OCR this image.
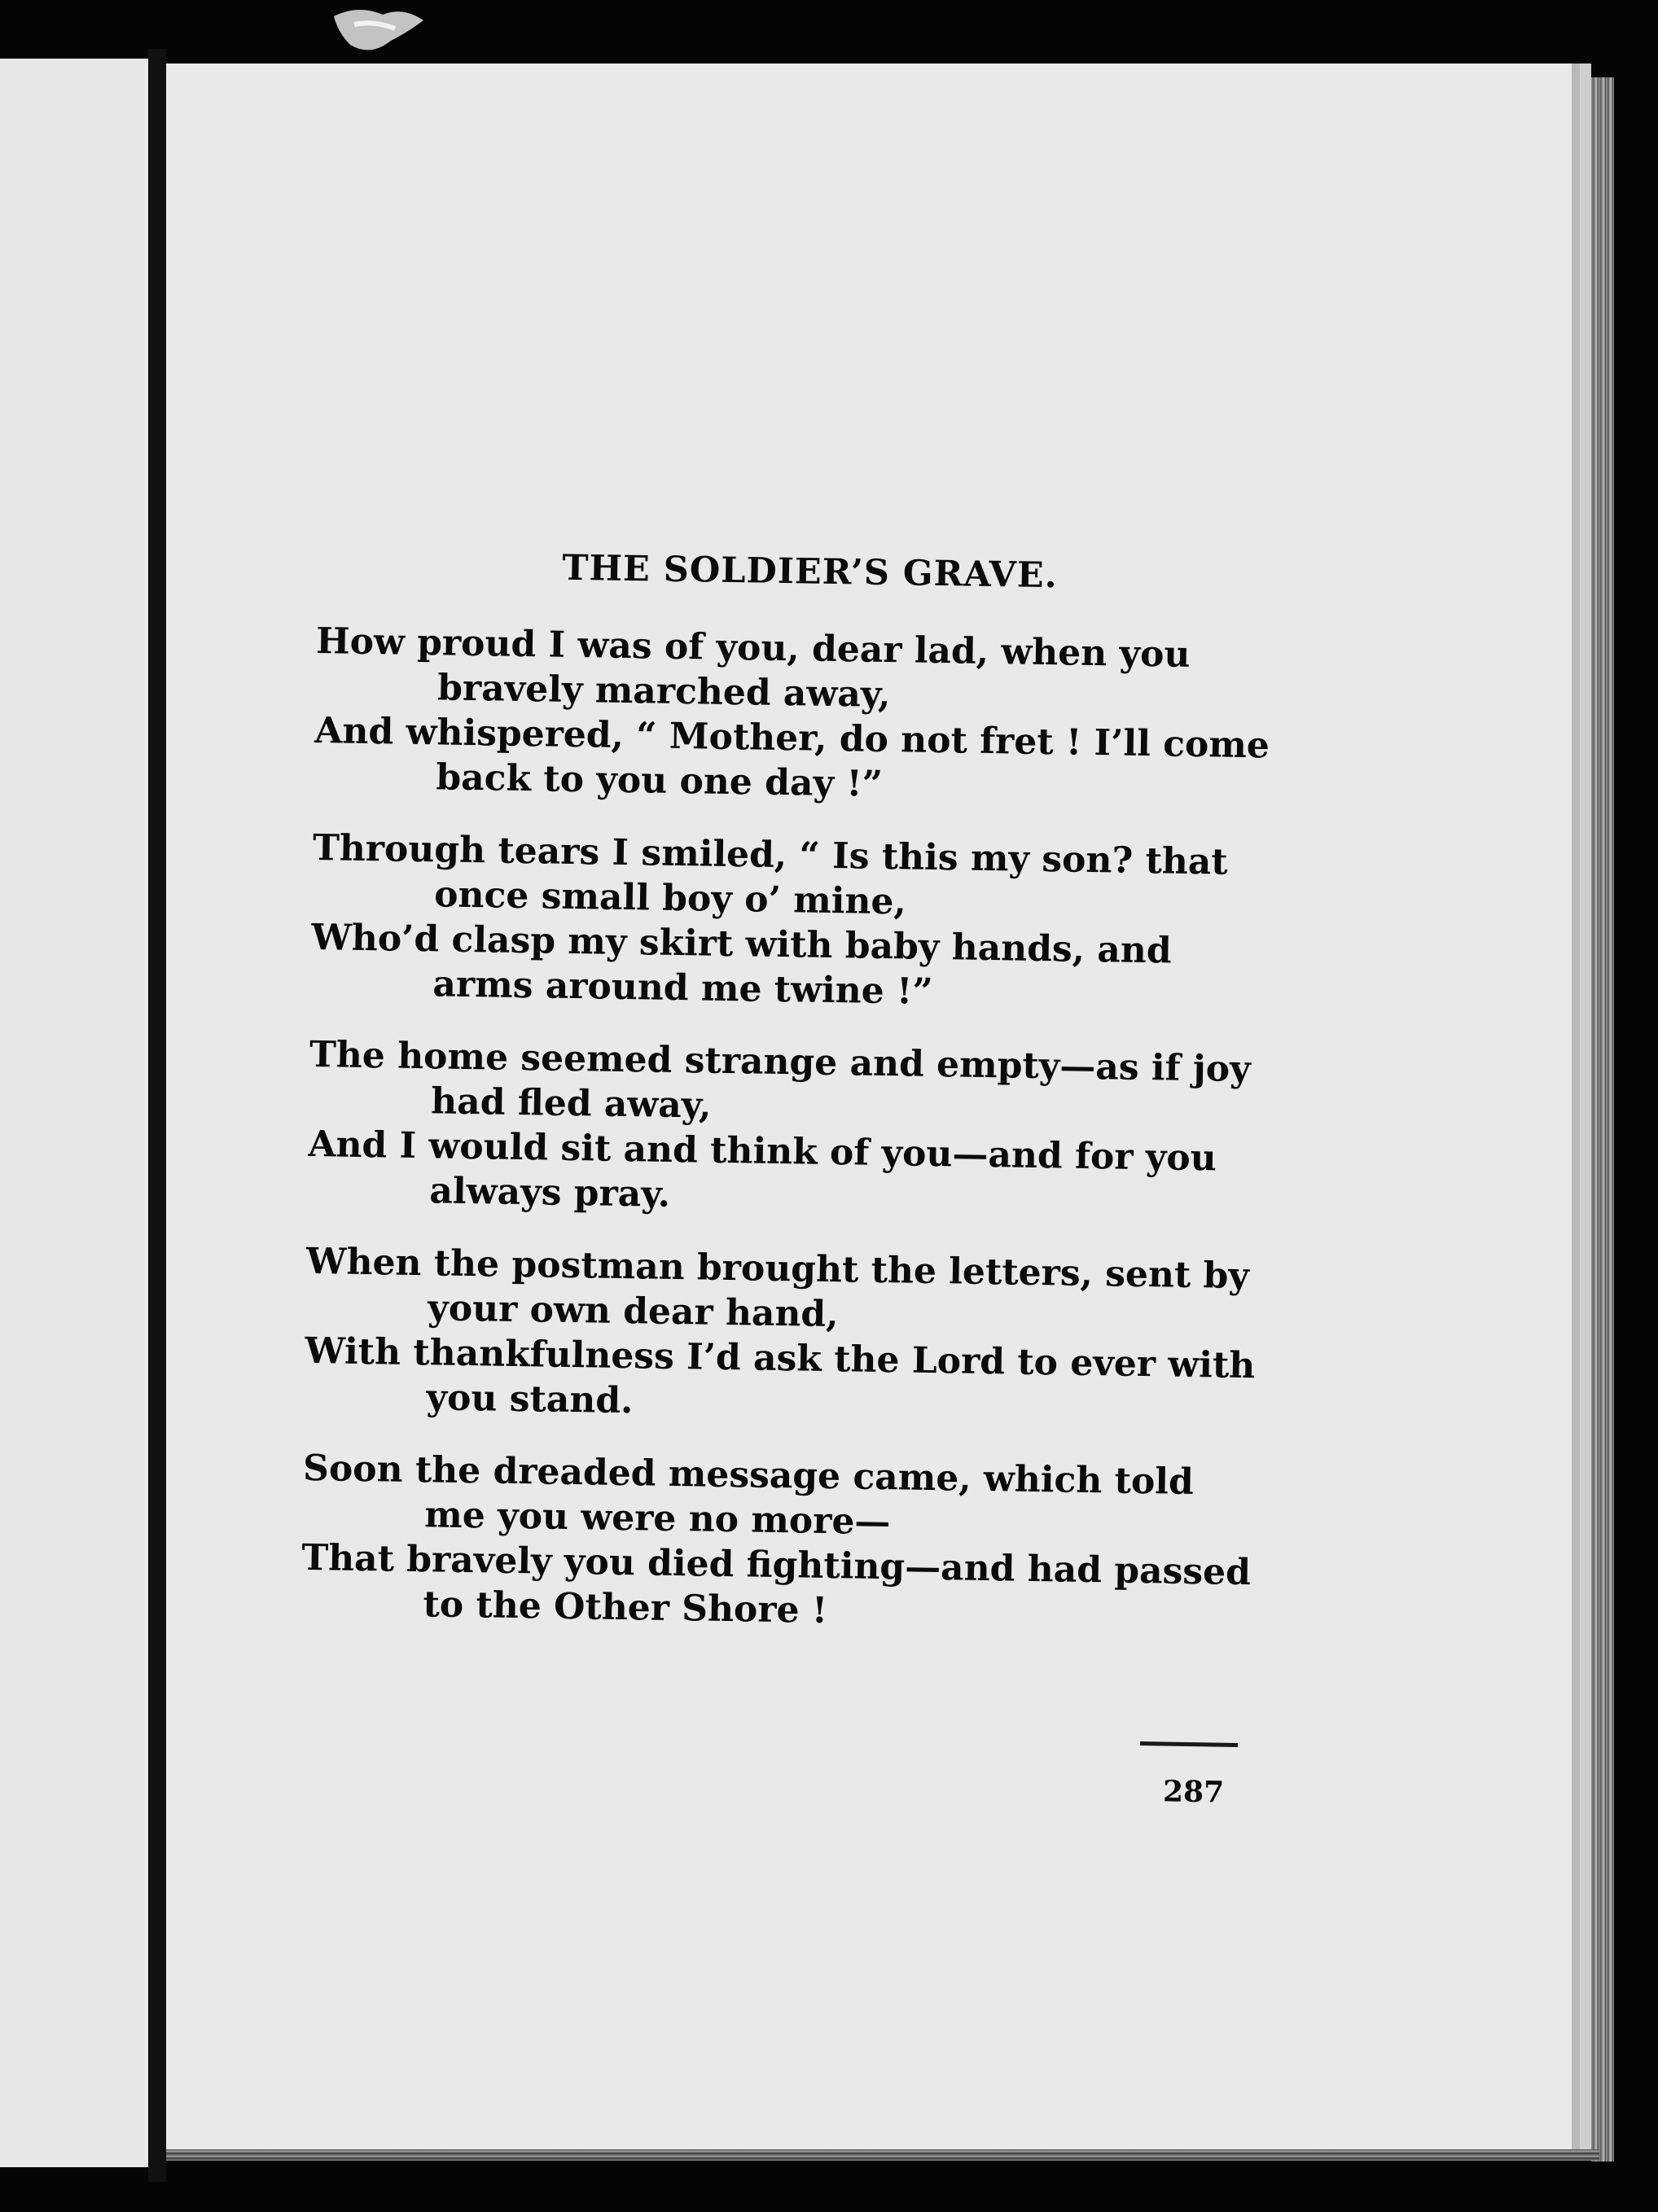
THE SOLDIER’S GRAVE.

How proud I was of you, dear lad, when you bravely marched away,

And whispered, “ Mother, do not fret ! I’ll come back to you one day !”

Through tears I smiled, “ Is this my son? that once small boy o’ mine,

Who’d clasp my skirt with baby hands, and arms around me twine !”

The home seemed strange and empty—as if joy had fled away,

And I would sit and think of you—and for you always pray.

When the postman brought the letters, sent by your own dear hand,

With thankfulness I’d ask the Lord to ever with you stand.

Soon the dreaded message came, which told me you were no more—

That bravely you died fighting—and had passed to the Other Shore !

287
